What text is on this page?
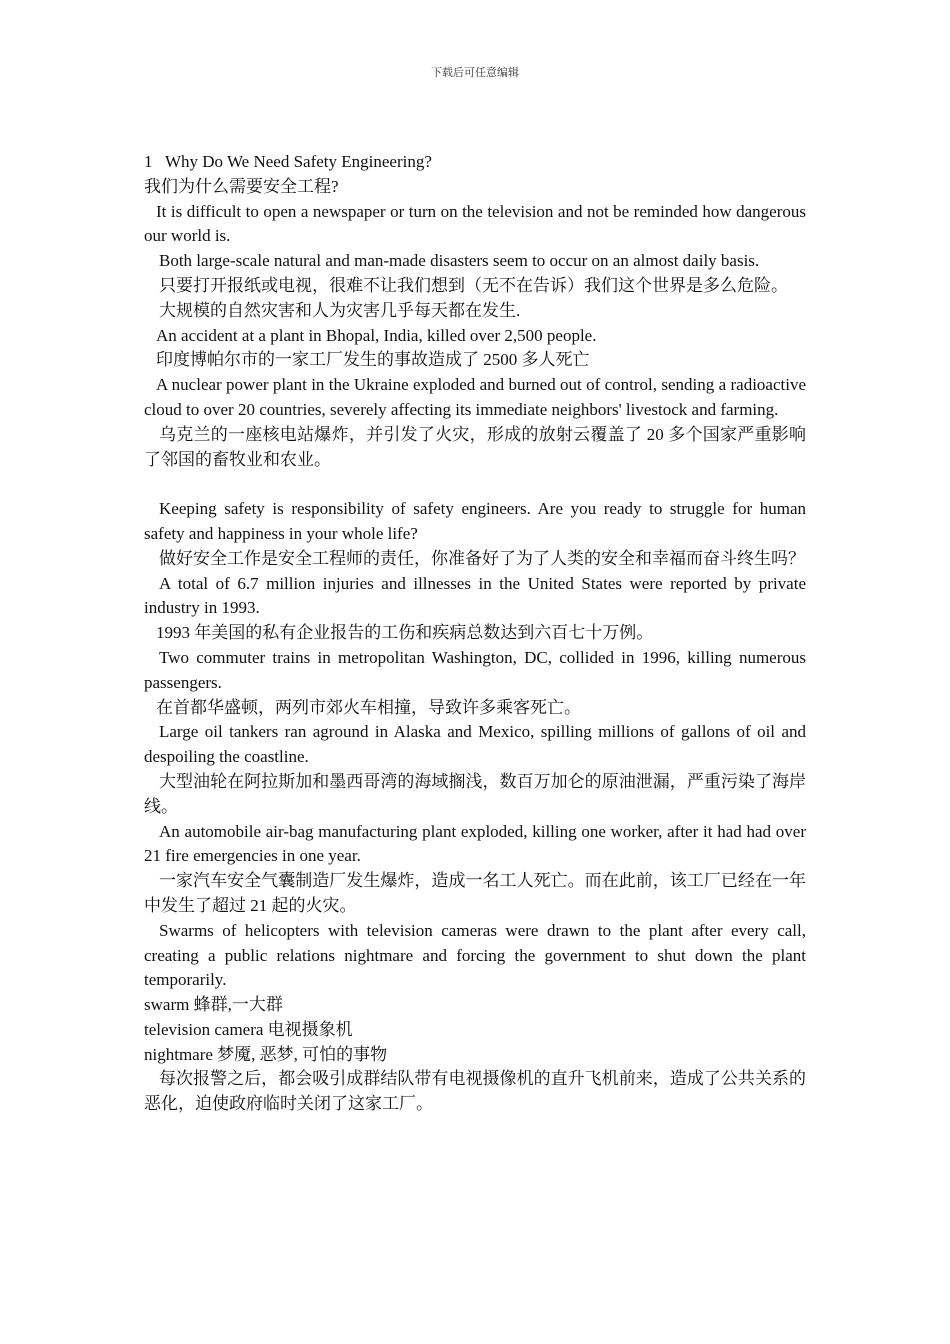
下载后可任意编辑

1 Why Do We Need Safety Engineering?

我们为什么需要安全工程?

It is difficult to open a newspaper or turn on the television and not be reminded how dangerous our world is.

Both large-scale natural and man-made disasters seem to occur on an almost daily basis.

只要打开报纸或电视，很难不让我们想到（无不在告诉）我们这个世界是多么危险。

大规模的自然灾害和人为灾害几乎每天都在发生.

An accident at a plant in Bhopal, India, killed over 2,500 people.

印度博帕尔市的一家工厂发生的事故造成了 2500 多人死亡

A nuclear power plant in the Ukraine exploded and burned out of control, sending a radioactive cloud to over 20 countries, severely affecting its immediate neighbors' livestock and farming.

乌克兰的一座核电站爆炸，并引发了火灾，形成的放射云覆盖了 20 多个国家严重影响了邻国的畜牧业和农业。

Keeping safety is responsibility of safety engineers. Are you ready to struggle for human safety and happiness in your whole life?

做好安全工作是安全工程师的责任，你准备好了为了人类的安全和幸福而奋斗终生吗？

A total of 6.7 million injuries and illnesses in the United States were reported by private industry in 1993.

1993 年美国的私有企业报告的工伤和疾病总数达到六百七十万例。

Two commuter trains in metropolitan Washington, DC, collided in 1996, killing numerous passengers.

在首都华盛顿，两列市郊火车相撞，导致许多乘客死亡。

Large oil tankers ran aground in Alaska and Mexico, spilling millions of gallons of oil and despoiling the coastline.

大型油轮在阿拉斯加和墨西哥湾的海域搁浅，数百万加仑的原油泄漏，严重污染了海岸线。

An automobile air-bag manufacturing plant exploded, killing one worker, after it had had over 21 fire emergencies in one year.

一家汽车安全气囊制造厂发生爆炸，造成一名工人死亡。而在此前，该工厂已经在一年中发生了超过 21 起的火灾。

Swarms of helicopters with television cameras were drawn to the plant after every call, creating a public relations nightmare and forcing the government to shut down the plant temporarily.

swarm 蜂群,一大群

television camera 电视摄象机

nightmare 梦魇, 恶梦, 可怕的事物

每次报警之后，都会吸引成群结队带有电视摄像机的直升飞机前来，造成了公共关系的恶化，迫使政府临时关闭了这家工厂。
